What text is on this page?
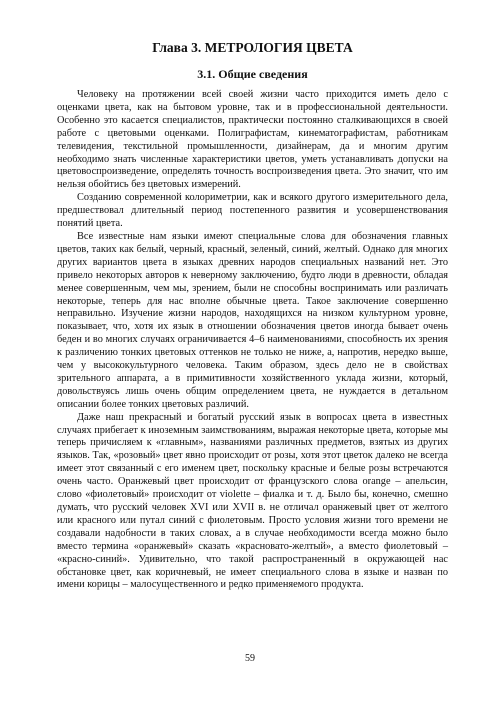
Глава 3. МЕТРОЛОГИЯ ЦВЕТА
3.1. Общие сведения

Человеку на протяжении всей своей жизни часто приходится иметь дело с оценками цвета, как на бытовом уровне, так и в профессиональной деятельности. Особенно это касается специалистов, практически постоянно сталкивающихся в своей работе с цветовыми оценками. Полиграфистам, кинематографистам, работникам телевидения, текстильной промышленности, дизайнерам, да и многим другим необходимо знать численные характеристики цветов, уметь устанавливать допуски на цветовоспроизведение, определять точность воспроизведения цвета. Это значит, что им нельзя обойтись без цветовых измерений.

Созданию современной колориметрии, как и всякого другого измерительного дела, предшествовал длительный период постепенного развития и усовершенствования понятий цвета.

Все известные нам языки имеют специальные слова для обозначения главных цветов, таких как белый, черный, красный, зеленый, синий, желтый. Однако для многих других вариантов цвета в языках древних народов специальных названий нет. Это привело некоторых авторов к неверному заключению, будто люди в древности, обладая менее совершенным, чем мы, зрением, были не способны воспринимать или различать некоторые, теперь для нас вполне обычные цвета. Такое заключение совершенно неправильно. Изучение жизни народов, находящихся на низком культурном уровне, показывает, что, хотя их язык в отношении обозначения цветов иногда бывает очень беден и во многих случаях ограничивается 4–6 наименованиями, способность их зрения к различению тонких цветовых оттенков не только не ниже, а, напротив, нередко выше, чем у высококультурного человека. Таким образом, здесь дело не в свойствах зрительного аппарата, а в примитивности хозяйственного уклада жизни, который, довольствуясь лишь очень общим определением цвета, не нуждается в детальном описании более тонких цветовых различий.

Даже наш прекрасный и богатый русский язык в вопросах цвета в известных случаях прибегает к иноземным заимствованиям, выражая некоторые цвета, которые мы теперь причисляем к «главным», названиями различных предметов, взятых из других языков. Так, «розовый» цвет явно происходит от розы, хотя этот цветок далеко не всегда имеет этот связанный с его именем цвет, поскольку красные и белые розы встречаются очень часто. Оранжевый цвет происходит от французского слова orange – апельсин, слово «фиолетовый» происходит от violette – фиалка и т. д. Было бы, конечно, смешно думать, что русский человек XVI или XVII в. не отличал оранжевый цвет от желтого или красного или путал синий с фиолетовым. Просто условия жизни того времени не создавали надобности в таких словах, а в случае необходимости всегда можно было вместо термина «оранжевый» сказать «красновато-желтый», а вместо фиолетовый – «красно-синий». Удивительно, что такой распространенный в окружающей нас обстановке цвет, как коричневый, не имеет специального слова в языке и назван по имени корицы – малосущественного и редко применяемого продукта.

59
